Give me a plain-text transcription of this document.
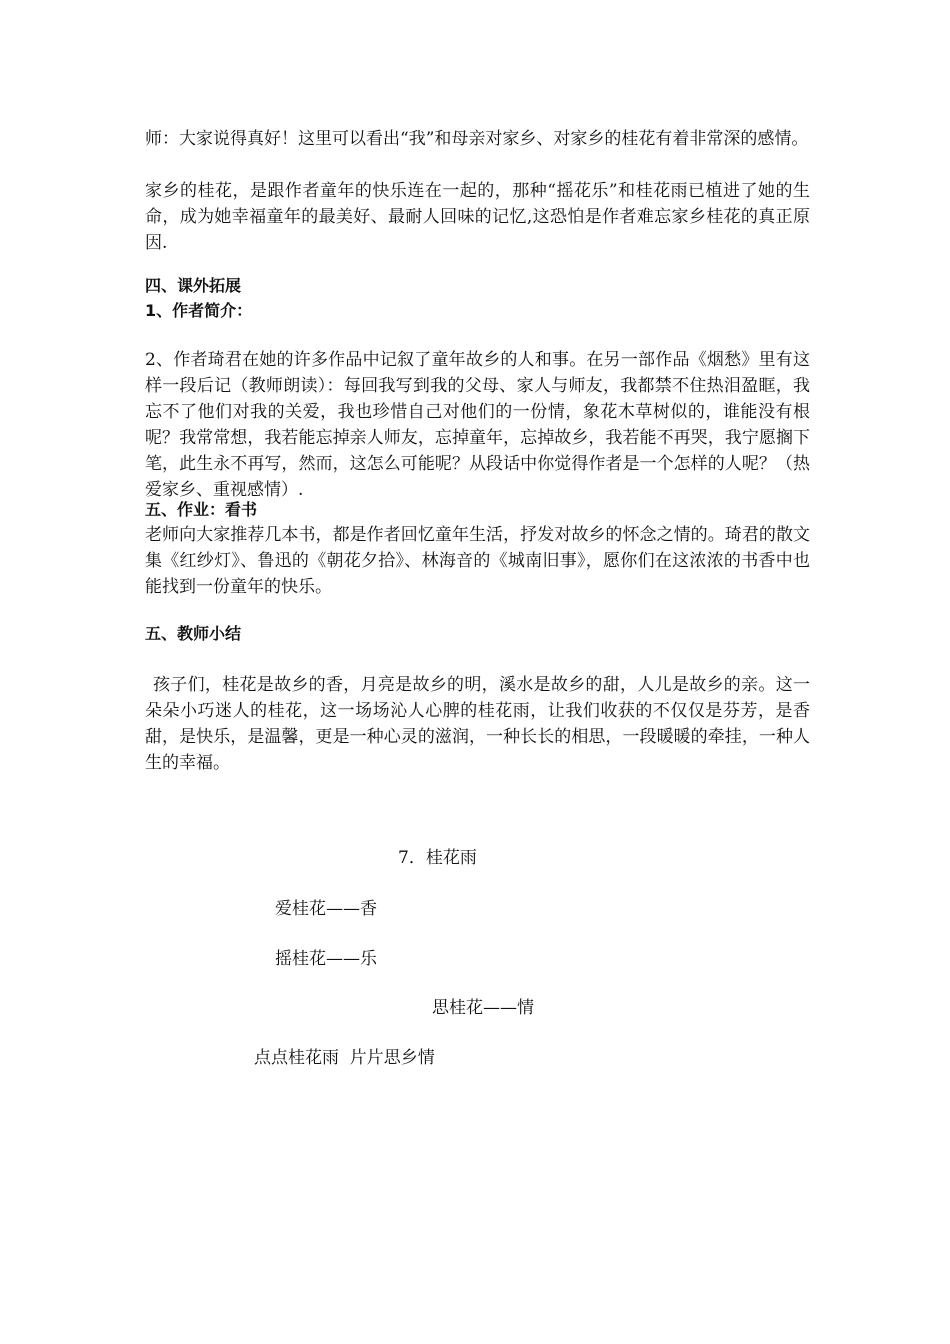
师：大家说得真好！这里可以看出“我”和母亲对家乡、对家乡的桂花有着非常深的感情。

家乡的桂花，是跟作者童年的快乐连在一起的，那种“摇花乐”和桂花雨已植进了她的生命，成为她幸福童年的最美好、最耐人回味的记忆,这恐怕是作者难忘家乡桂花的真正原因.

四、课外拓展

1、作者简介：

2、作者琦君在她的许多作品中记叙了童年故乡的人和事。在另一部作品《烟愁》里有这样一段后记（教师朗读）：每回我写到我的父母、家人与师友，我都禁不住热泪盈眶，我忘不了他们对我的关爱，我也珍惜自己对他们的一份情，象花木草树似的，谁能没有根呢？我常常想，我若能忘掉亲人师友，忘掉童年，忘掉故乡，我若能不再哭，我宁愿搁下笔，此生永不再写，然而，这怎么可能呢？从段话中你觉得作者是一个怎样的人呢？（热爱家乡、重视感情）.

五、作业：看书

老师向大家推荐几本书，都是作者回忆童年生活，抒发对故乡的怀念之情的。琦君的散文集《红纱灯》、鲁迅的《朝花夕拾》、林海音的《城南旧事》，愿你们在这浓浓的书香中也能找到一份童年的快乐。

五、教师小结

孩子们，桂花是故乡的香，月亮是故乡的明，溪水是故乡的甜，人儿是故乡的亲。这一朵朵小巧迷人的桂花，这一场场沁人心脾的桂花雨，让我们收获的不仅仅是芬芳，是香甜，是快乐，是温馨，更是一种心灵的滋润，一种长长的相思，一段暖暖的牵挂，一种人生的幸福。

7．桂花雨

爱桂花——香

摇桂花——乐

思桂花——情

点点桂花雨  片片思乡情
